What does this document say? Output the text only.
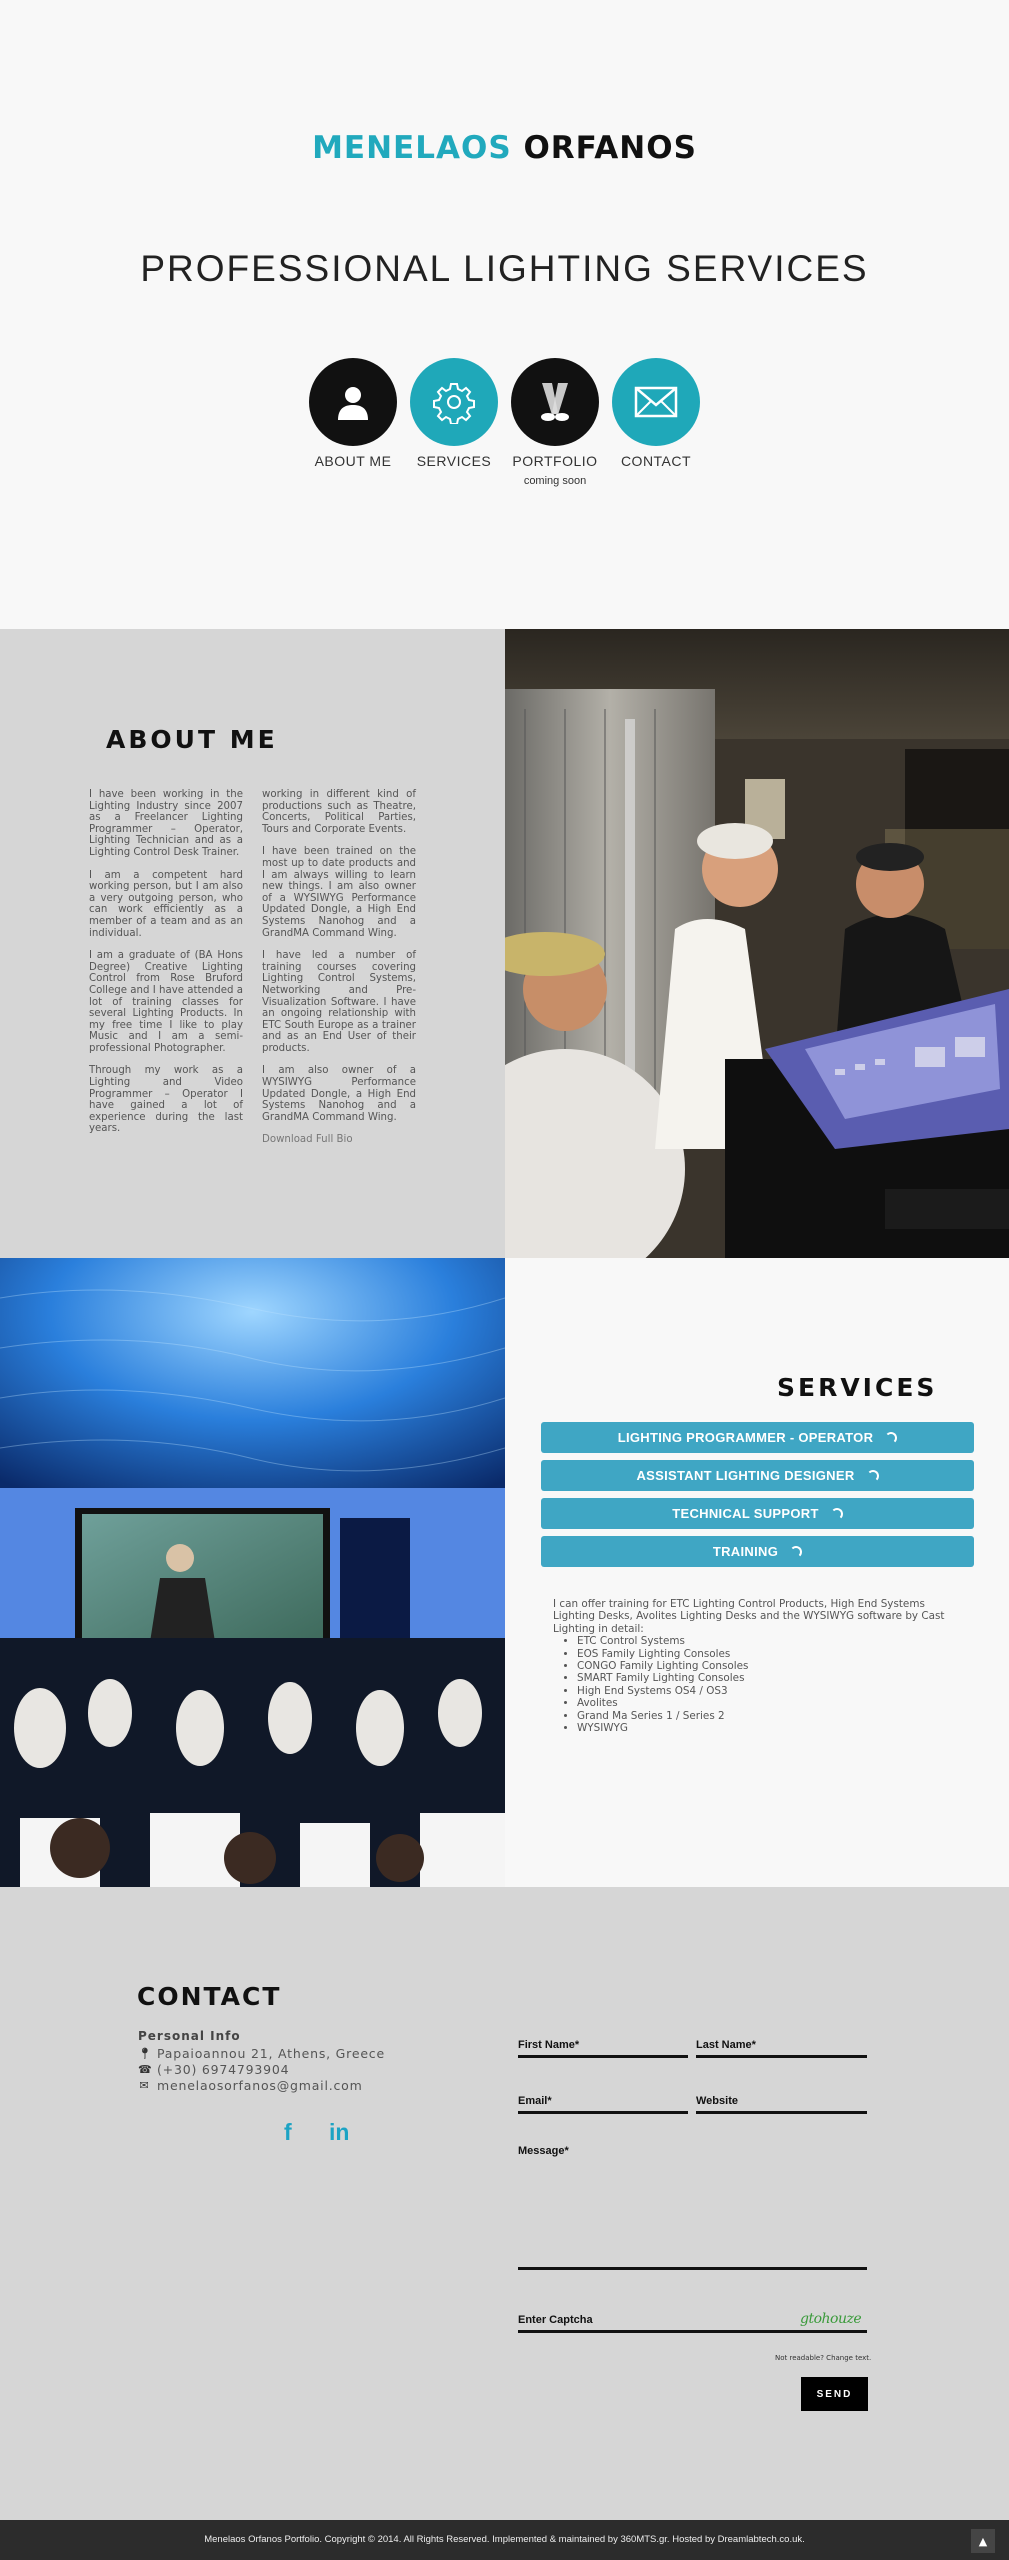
MENELAOS ORFANOS
PROFESSIONAL LIGHTING SERVICES
ABOUT ME	SERVICES	PORTFOLIO
coming soon
CONTACT
ABOUT ME

I have been working in the Lighting Industry since 2007 as a Freelancer Lighting Programmer – Operator, Lighting Technician and as a Lighting Control Desk Trainer.

I am a competent hard working person, but I am also a very outgoing person, who can work efficiently as a member of a team and as an individual.

I am a graduate of (BA Hons Degree) Creative Lighting Control from Rose Bruford College and I have attended a lot of training classes for several Lighting Products. In my free time I like to play Music and I am a semi-professional Photographer.

Through my work as a Lighting and Video Programmer – Operator I have gained a lot of experience during the last years.

working in different kind of productions such as Theatre, Concerts, Political Parties, Tours and Corporate Events.

I have been trained on the most up to date products and I am always willing to learn new things. I am also owner of a WYSIWYG Performance Updated Dongle, a High End Systems Nanohog and a GrandMA Command Wing.

I have led a number of training courses covering Lighting Control Systems, Networking and Pre-Visualization Software. I have an ongoing relationship with ETC South Europe as a trainer and as an End User of their products.

I am also owner of a WYSIWYG Performance Updated Dongle, a High End Systems Nanohog and a GrandMA Command Wing.

Download Full Bio
SERVICES
LIGHTING PROGRAMMER - OPERATOR
ASSISTANT LIGHTING DESIGNER
TECHNICAL SUPPORT
TRAINING
I can offer training for ETC Lighting Control Products, High End Systems Lighting Desks, Avolites Lighting Desks and the WYSIWYG software by Cast Lighting in detail:
• ETC Control Systems
• EOS Family Lighting Consoles
• CONGO Family Lighting Consoles
• SMART Family Lighting Consoles
• High End Systems OS4 / OS3
• Avolites
• Grand Ma Series 1 / Series 2
• WYSIWYG
CONTACT
Personal Info
📍︎ Papaioannou 21, Athens, Greece
☎ (+30) 6974793904
✉ menelaosorfanos@gmail.com
f in
First Name*	Last Name*
Email*	Website
Message*
Enter Captcha	gtohouze
Not readable? Change text.
SEND
Menelaos Orfanos Portfolio. Copyright © 2014. All Rights Reserved. Implemented & maintained by 360MTS.gr. Hosted by Dreamlabtech.co.uk.	▲
